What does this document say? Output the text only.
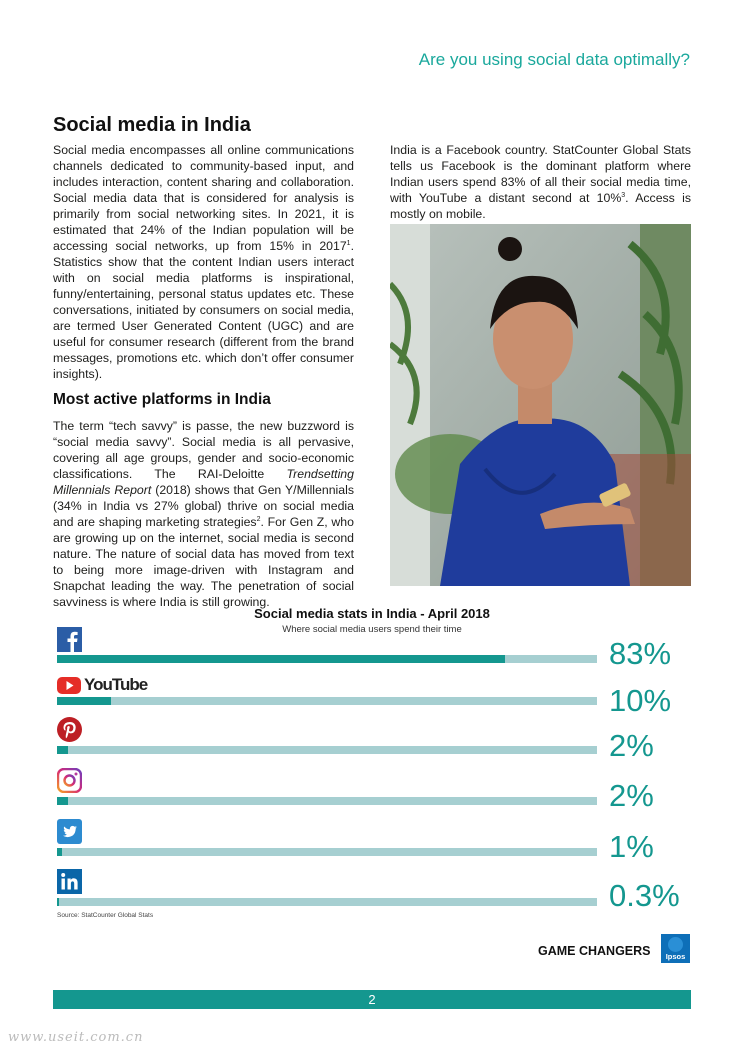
Are you using social data optimally?
Social media in India

Social media encompasses all online communications channels dedicated to community-based input, and includes interaction, content sharing and collaboration. Social media data that is considered for analysis is primarily from social networking sites. In 2021, it is estimated that 24% of the Indian population will be accessing social networks, up from 15% in 2017$^1$. Statistics show that the content Indian users interact with on social media platforms is inspirational, funny/entertaining, personal status updates etc. These conversations, initiated by consumers on social media, are termed User Generated Content (UGC) and are useful for consumer research (different from the brand messages, promotions etc. which don’t offer consumer insights).

Most active platforms in India

The term “tech savvy” is passe, the new buzzword is “social media savvy”. Social media is all pervasive, covering all age groups, gender and socio-economic classifications. The RAI-Deloitte Trendsetting Millennials Report (2018) shows that Gen Y/Millennials (34% in India vs 27% global) thrive on social media and are shaping marketing strategies$^2$. For Gen Z, who are growing up on the internet, social media is second nature. The nature of social data has moved from text to being more image-driven with Instagram and Snapchat leading the way. The penetration of social savviness is where India is still growing.

India is a Facebook country. StatCounter Global Stats tells us Facebook is the dominant platform where Indian users spend 83% of all their social media time, with YouTube a distant second at 10%$^3$. Access is mostly on mobile.

Social media stats in India - April 2018
Where social media users spend their time
83%
YouTube	10%
2%
2%
1%
0.3%
Source: StatCounter Global Stats
GAME CHANGERS Ipsos
2
www.useit.com.cn
